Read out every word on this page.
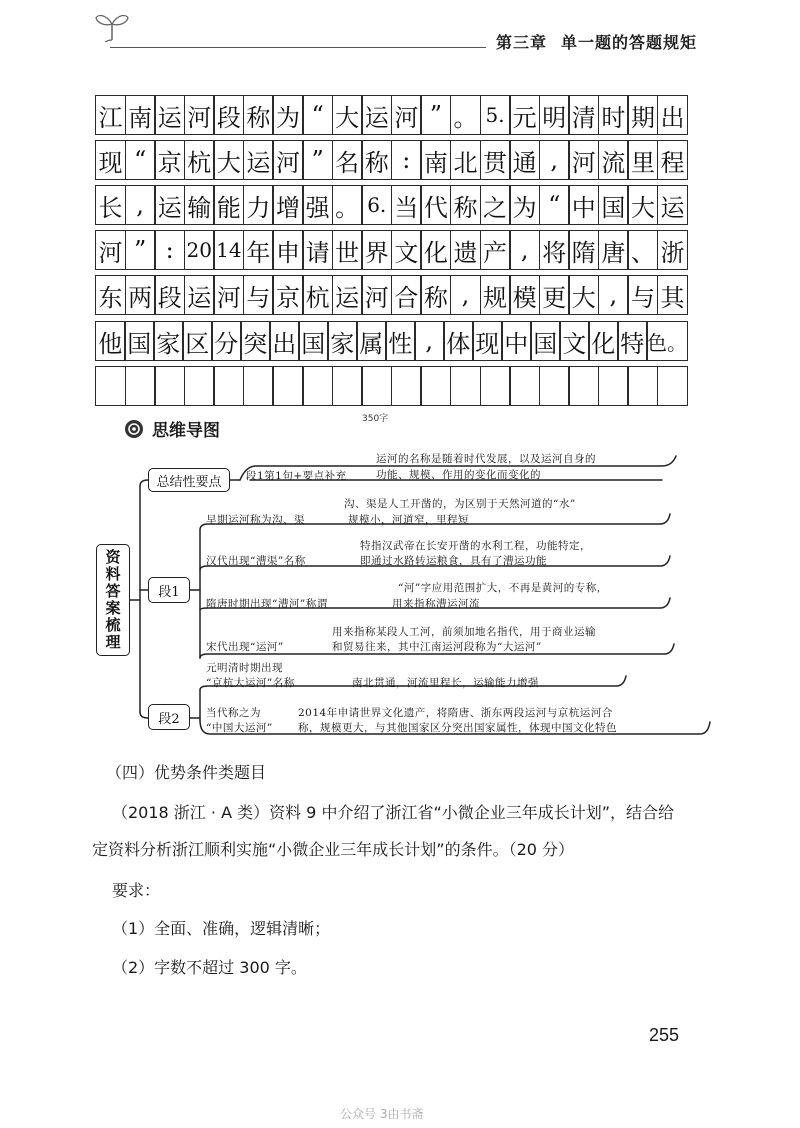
第三章 单一题的答题规矩
江 南 运 河 段 称 为 “ 大 运 河 ” 。 5. 元 明 清 时 期 出
现 “ 京 杭 大 运 河 ” 名 称 : 南 北 贯 通 , 河 流 里 程
长 , 运 输 能 力 增 强 。 6. 当 代 称 之 为 “ 中 国 大 运
河 ” : 20 14 年 申 请 世 界 文 化 遗 产 , 将 隋 唐 、 浙
东 两 段 运 河 与 京 杭 运 河 合 称 , 规 模 更 大 , 与 其
他 国 家 区 分 突 出 国 家 属 性 , 体 现 中 国 文 化 特 色。
350字
思维导图
资料答案梳理
总结性要点
段1
段2
段1第1句+要点补充
运河的名称是随着时代发展，以及运河自身的
功能、规模、作用的变化而变化的
沟、渠是人工开凿的，为区别于天然河道的“水”
早期运河称为沟、渠	规模小，河道窄，里程短
特指汉武帝在长安开凿的水利工程，功能特定，
汉代出现“漕渠”名称	即通过水路转运粮食，具有了漕运功能
“河”字应用范围扩大，不再是黄河的专称，
隋唐时期出现“漕河”称谓	用来指称漕运河流
用来指称某段人工河，前须加地名指代，用于商业运输
宋代出现“运河”	和贸易往来，其中江南运河段称为“大运河”
元明清时期出现
“京杭大运河”名称	南北贯通，河流里程长，运输能力增强
当代称之为
“中国大运河”
2014年申请世界文化遗产，将隋唐、浙东两段运河与京杭运河合
称，规模更大，与其他国家区分突出国家属性，体现中国文化特色
（四）优势条件类题目
（2018 浙江 · A 类）资料 9 中介绍了浙江省“小微企业三年成长计划”，结合给
定资料分析浙江顺利实施“小微企业三年成长计划”的条件。（20 分）
要求：
（1）全面、准确，逻辑清晰；
（2）字数不超过 300 字。
255
公众号 3由书斋
